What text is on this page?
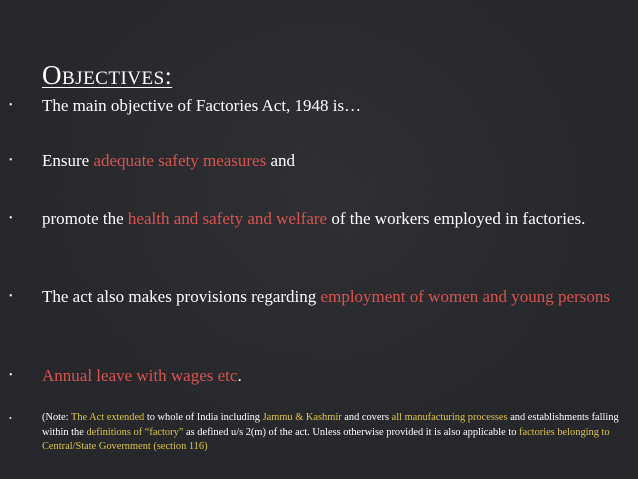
OBJECTIVES:
•	The main objective of Factories Act, 1948 is…
•	Ensure adequate safety measures and
•	promote the health and safety and welfare of the workers employed in factories.
•	The act also makes provisions regarding employment of women and young persons
•	Annual leave with wages etc.
•	(Note: The Act extended to whole of India including Jammu & Kashmir and covers all manufacturing processes and establishments falling within the definitions of “factory” as defined u/s 2(m) of the act. Unless otherwise provided it is also applicable to factories belonging to Central/State Government (section 116)
